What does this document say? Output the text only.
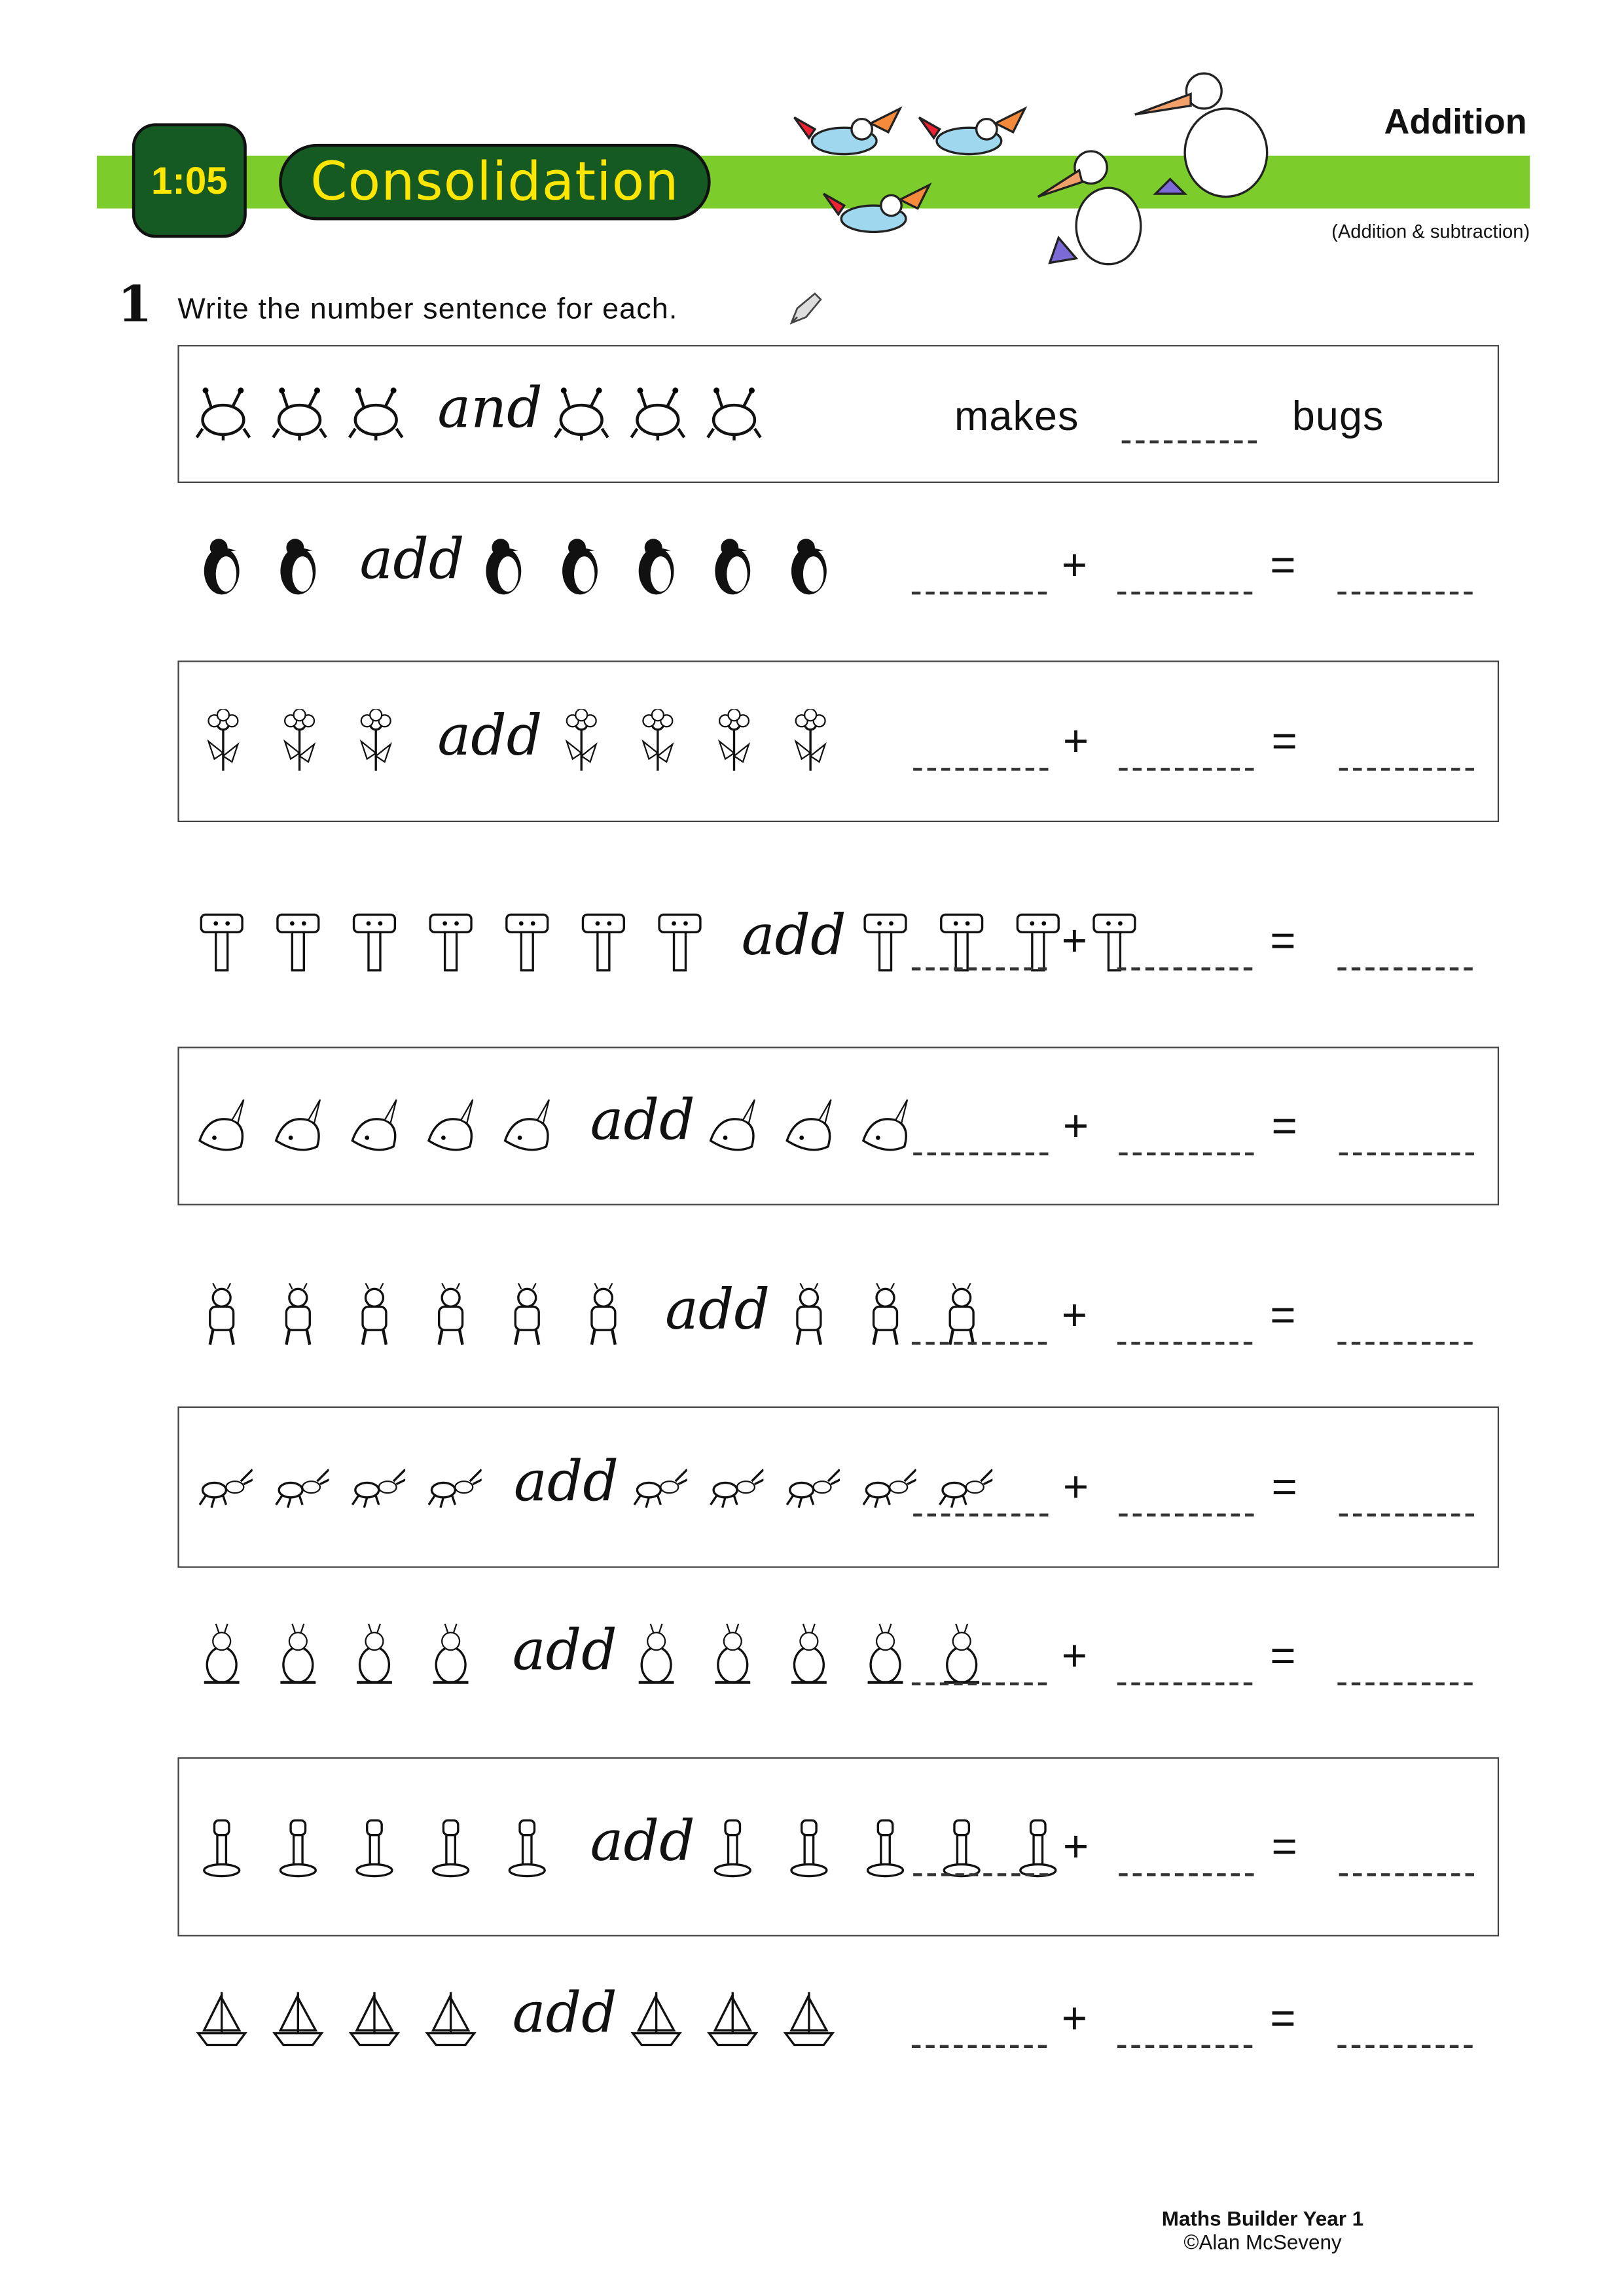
1:05	Consolidation
Addition
(Addition & subtraction)
1 Write the number sentence for each.
and	makes	bugs
add	+	=
add	+	=
add	+	=
add	+	=
add	+	=
add	+	=
add	+	=
add	+	=
add	+	=
Maths Builder Year 1
©Alan McSeveny
